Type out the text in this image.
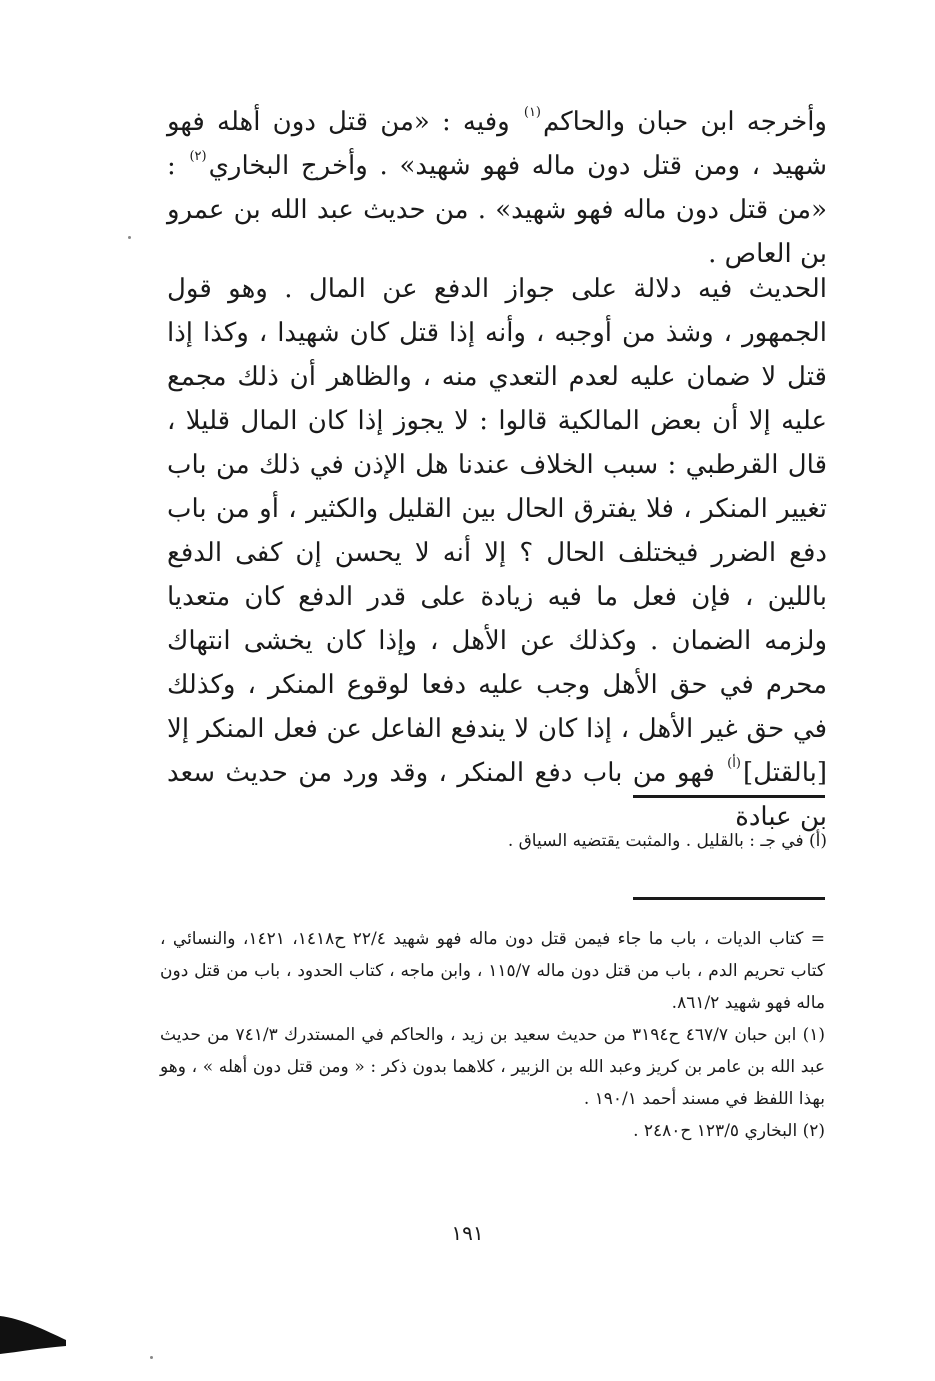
وأخرجه ابن حبان والحاكم$^{(١)}$ وفيه : «من قتل دون أهله فهو شهيد ، ومن قتل دون ماله فهو شهيد» . وأخرج البخاري$^{(٢)}$ : «من قتل دون ماله فهو شهيد» . من حديث عبد الله بن عمرو بن العاص .

الحديث فيه دلالة على جواز الدفع عن المال . وهو قول الجمهور ، وشذ من أوجبه ، وأنه إذا قتل كان شهيدا ، وكذا إذا قتل لا ضمان عليه لعدم التعدي منه ، والظاهر أن ذلك مجمع عليه إلا أن بعض المالكية قالوا : لا يجوز إذا كان المال قليلا ، قال القرطبي : سبب الخلاف عندنا هل الإذن في ذلك من باب تغيير المنكر ، فلا يفترق الحال بين القليل والكثير ، أو من باب دفع الضرر فيختلف الحال ؟ إلا أنه لا يحسن إن كفى الدفع باللين ، فإن فعل ما فيه زيادة على قدر الدفع كان متعديا ولزمه الضمان . وكذلك عن الأهل ، وإذا كان يخشى انتهاك محرم في حق الأهل وجب عليه دفعا لوقوع المنكر ، وكذلك في حق غير الأهل ، إذا كان لا يندفع الفاعل عن فعل المنكر إلا [بالقتل]$^{(أ)}$ فهو من باب دفع المنكر ، وقد ورد من حديث سعد بن عبادة

(أ) في جـ : بالقليل . والمثبت يقتضيه السياق .

= كتاب الديات ، باب ما جاء فيمن قتل دون ماله فهو شهيد ٢٢/٤ ح١٤١٨، ١٤٢١، والنسائي ، كتاب تحريم الدم ، باب من قتل دون ماله ١١٥/٧ ، وابن ماجه ، كتاب الحدود ، باب من قتل دون ماله فهو شهيد ٨٦١/٢.

(١) ابن حبان ٤٦٧/٧ ح٣١٩٤ من حديث سعيد بن زيد ، والحاكم في المستدرك ٧٤١/٣ من حديث عبد الله بن عامر بن كريز وعبد الله بن الزبير ، كلاهما بدون ذكر : « ومن قتل دون أهله » ، وهو بهذا اللفظ في مسند أحمد ١٩٠/١ .

(٢) البخاري ١٢٣/٥ ح٢٤٨٠ .

١٩١
